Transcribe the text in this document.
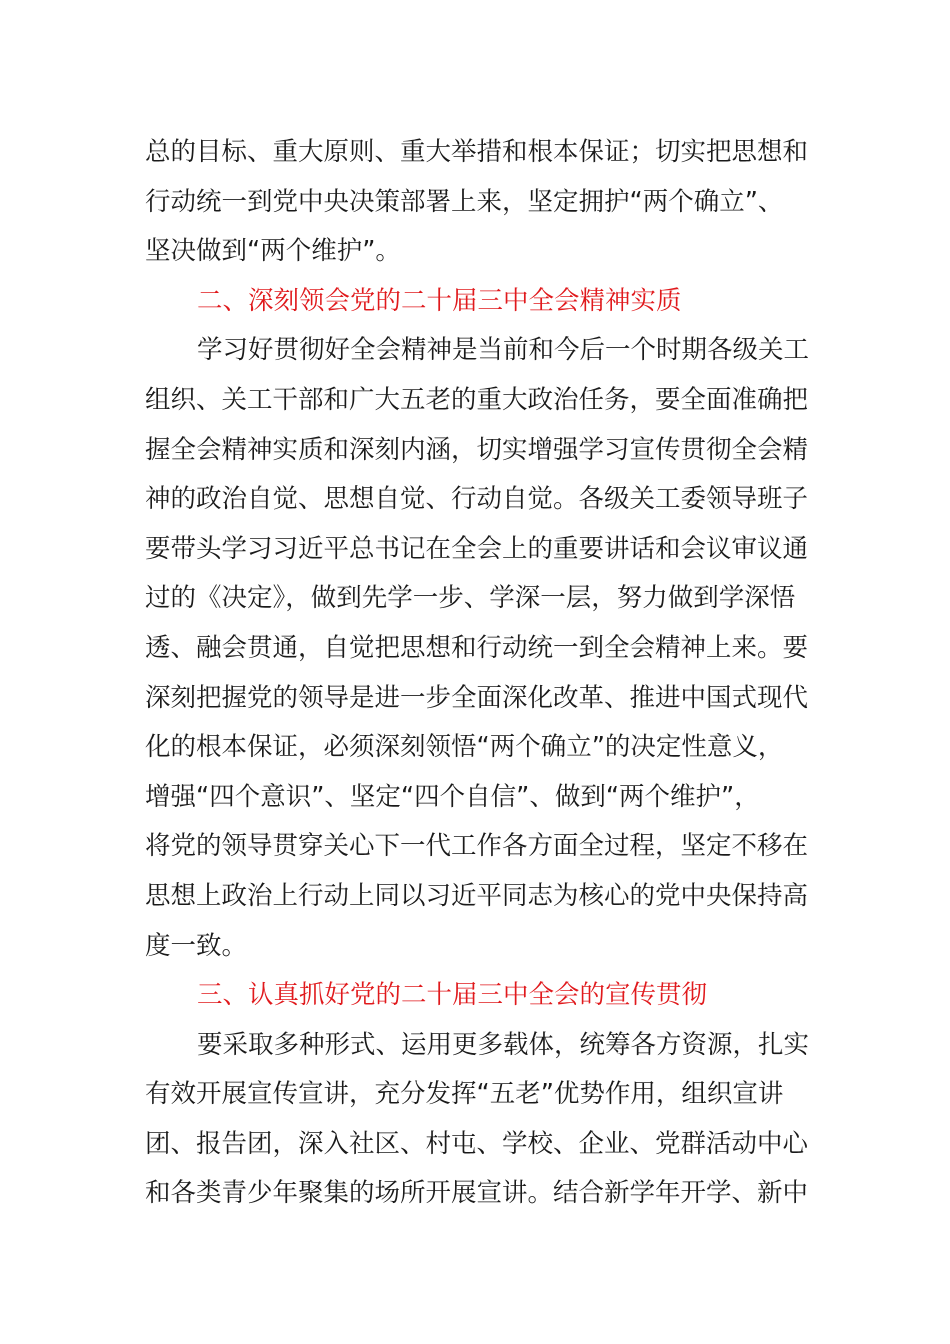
总的目标、重大原则、重大举措和根本保证；切实把思想和
行动统一到党中央决策部署上来，坚定拥护“两个确立”、
坚决做到“两个维护”。
二、深刻领会党的二十届三中全会精神实质
学习好贯彻好全会精神是当前和今后一个时期各级关工
组织、关工干部和广大五老的重大政治任务，要全面准确把
握全会精神实质和深刻内涵，切实增强学习宣传贯彻全会精
神的政治自觉、思想自觉、行动自觉。各级关工委领导班子
要带头学习习近平总书记在全会上的重要讲话和会议审议通
过的《决定》，做到先学一步、学深一层，努力做到学深悟
透、融会贯通，自觉把思想和行动统一到全会精神上来。要
深刻把握党的领导是进一步全面深化改革、推进中国式现代
化的根本保证，必须深刻领悟“两个确立”的决定性意义，
增强“四个意识”、坚定“四个自信”、做到“两个维护”，
将党的领导贯穿关心下一代工作各方面全过程，坚定不移在
思想上政治上行动上同以习近平同志为核心的党中央保持高
度一致。
三、认真抓好党的二十届三中全会的宣传贯彻
要采取多种形式、运用更多载体，统筹各方资源，扎实
有效开展宣传宣讲，充分发挥“五老”优势作用，组织宣讲
团、报告团，深入社区、村屯、学校、企业、党群活动中心
和各类青少年聚集的场所开展宣讲。结合新学年开学、新中
